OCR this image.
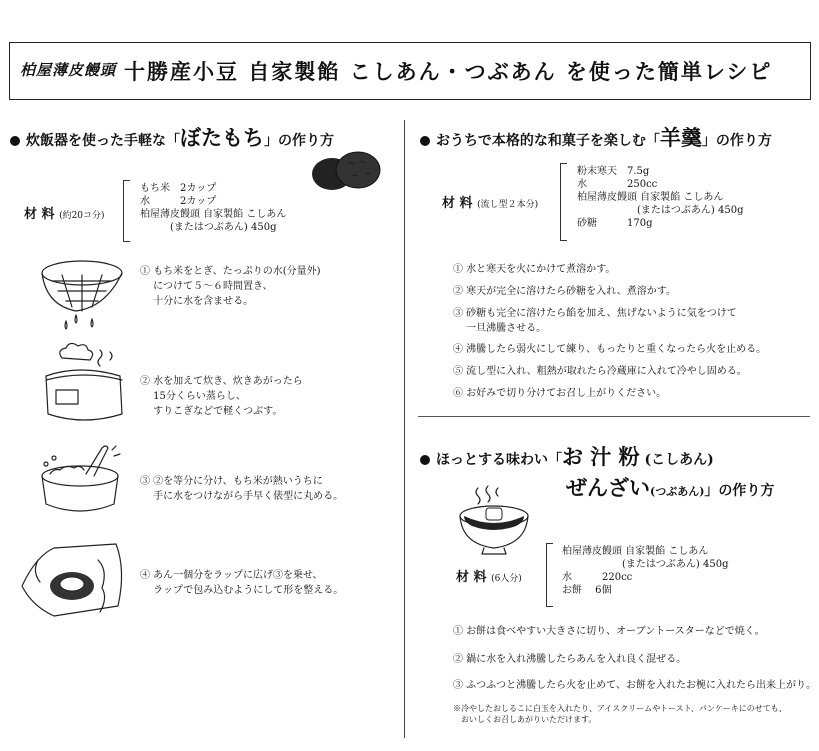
柏屋薄皮饅頭 十勝産小豆 自家製餡 こしあん・つぶあん を使った簡単レシピ
炊飯器を使った手軽な「ぼたもち」の作り方
材 料 (約20コ分)
もち米　2カップ
水　　　2カップ
柏屋薄皮饅頭 自家製餡 こしあん
　　　(またはつぶあん) 450g
① もち米をとぎ、たっぷりの水(分量外)
　 につけて５～６時間置き、
　 十分に水を含ませる。
② 水を加えて炊き、炊きあがったら
　 15分くらい蒸らし、
　 すりこぎなどで軽くつぶす。
③ ②を等分に分け、もち米が熱いうちに
　 手に水をつけながら手早く俵型に丸める。
④ あん一個分をラップに広げ③を乗せ、
　 ラップで包み込むようにして形を整える。
おうちで本格的な和菓子を楽しむ「羊羹」の作り方
材 料 (流し型２本分)
粉末寒天　7.5g
水　　　　250cc
柏屋薄皮饅頭 自家製餡 こしあん
　　　　　　(またはつぶあん) 450g
砂糖　　　170g
① 水と寒天を火にかけて煮溶かす。
② 寒天が完全に溶けたら砂糖を入れ、煮溶かす。
③ 砂糖も完全に溶けたら餡を加え、焦げないように気をつけて
　 一旦沸騰させる。
④ 沸騰したら弱火にして練り、もったりと重くなったら火を止める。
⑤ 流し型に入れ、粗熱が取れたら冷蔵庫に入れて冷やし固める。
⑥ お好みで切り分けてお召し上がりください。
ほっとする味わい「お 汁 粉 (こしあん)
ぜんざい(つぶあん)」の作り方
材 料 (6人分)
柏屋薄皮饅頭 自家製餡 こしあん
　　　　　　(またはつぶあん) 450g
水　　　220cc
お餅　 6個
① お餅は食べやすい大きさに切り、オーブントースターなどで焼く。
② 鍋に水を入れ沸騰したらあんを入れ良く混ぜる。
③ ふつふつと沸騰したら火を止めて、お餅を入れたお椀に入れたら出来上がり。
※冷やしたおしるこに白玉を入れたり、アイスクリームやトースト、パンケーキにのせても、
　おいしくお召しあがりいただけます。
